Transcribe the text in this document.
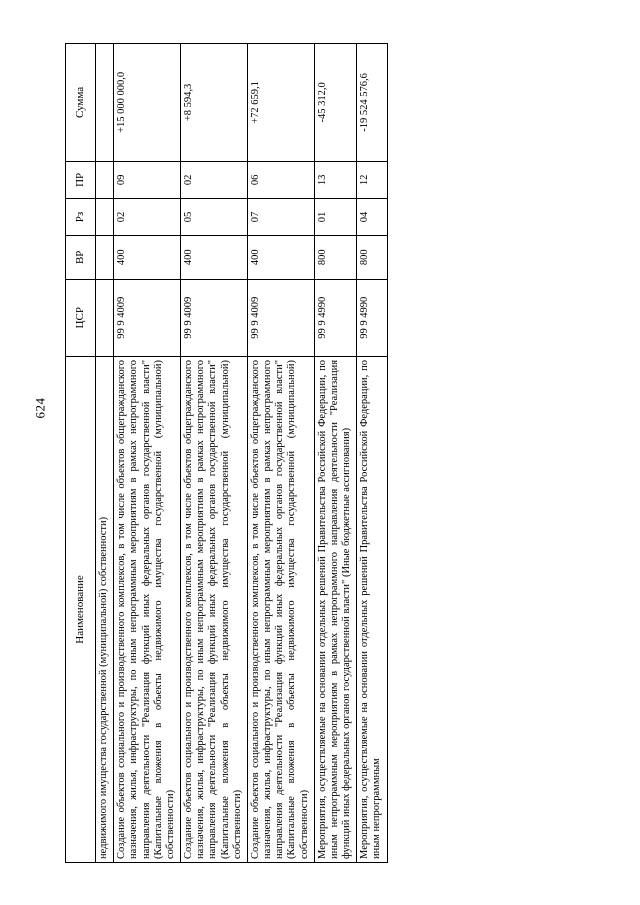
624
Наименование	ЦСР	ВР	Рз	ПР	Сумма

недвижимого имущества государственной (муниципальной) собственности)					

Создание объектов социального и производственного комплексов, в том числе объектов общегражданского назначения, жилья, инфраструктуры, по иным непрограммным мероприятиям в рамках непрограммного направления деятельности "Реализация функций иных федеральных органов государственной власти" (Капитальные вложения в объекты недвижимого имущества государственной (муниципальной) собственности)	99 9 4009	400	02	09	+15 000 000,0

Создание объектов социального и производственного комплексов, в том числе объектов общегражданского назначения, жилья, инфраструктуры, по иным непрограммным мероприятиям в рамках непрограммного направления деятельности "Реализация функций иных федеральных органов государственной власти" (Капитальные вложения в объекты недвижимого имущества государственной (муниципальной) собственности)	99 9 4009	400	05	02	+8 594,3

Создание объектов социального и производственного комплексов, в том числе объектов общегражданского назначения, жилья, инфраструктуры, по иным непрограммным мероприятиям в рамках непрограммного направления деятельности "Реализация функций иных федеральных органов государственной власти" (Капитальные вложения в объекты недвижимого имущества государственной (муниципальной) собственности)	99 9 4009	400	07	06	+72 659,1

Мероприятия, осуществляемые на основании отдельных решений Правительства Российской Федерации, по иным непрограммным мероприятиям в рамках непрограммного направления деятельности "Реализация функций иных федеральных органов государственной власти" (Иные бюджетные ассигнования)	99 9 4990	800	01	13	-45 312,0

Мероприятия, осуществляемые на основании отдельных решений Правительства Российской Федерации, по иным непрограммным	99 9 4990	800	04	12	-19 524 576,6
